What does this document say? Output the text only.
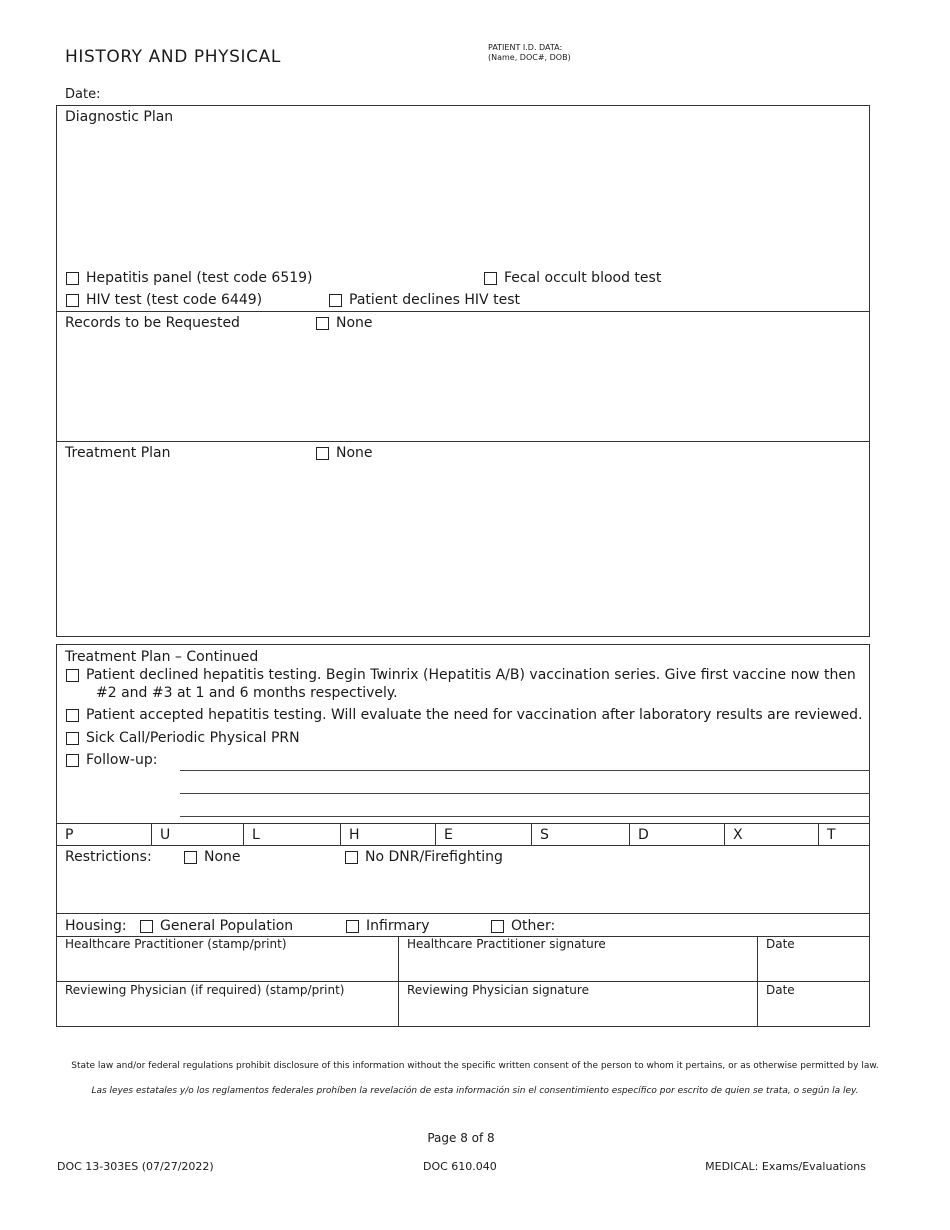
HISTORY AND PHYSICAL	PATIENT I.D. DATA:
(Name, DOC#, DOB)
Date:
Diagnostic Plan
Hepatitis panel (test code 6519)	Fecal occult blood test
HIV test (test code 6449)	Patient declines HIV test
Records to be Requested	None
Treatment Plan	None
Treatment Plan – Continued
Patient declined hepatitis testing. Begin Twinrix (Hepatitis A/B) vaccination series. Give first vaccine now then
#2 and #3 at 1 and 6 months respectively.
Patient accepted hepatitis testing. Will evaluate the need for vaccination after laboratory results are reviewed.
Sick Call/Periodic Physical PRN
Follow-up:
P	U	L	H	E	S	D	X	T
Restrictions:	None	No DNR/Firefighting
Housing: General Population	Infirmary	Other:
Healthcare Practitioner (stamp/print)	Healthcare Practitioner signature	Date
Reviewing Physician (if required) (stamp/print)	Reviewing Physician signature	Date
State law and/or federal regulations prohibit disclosure of this information without the specific written consent of the person to whom it pertains, or as otherwise permitted by law.
Las leyes estatales y/o los reglamentos federales prohíben la revelación de esta información sin el consentimiento específico por escrito de quien se trata, o según la ley.
Page 8 of 8
DOC 13-303ES (07/27/2022)	DOC 610.040	MEDICAL: Exams/Evaluations
